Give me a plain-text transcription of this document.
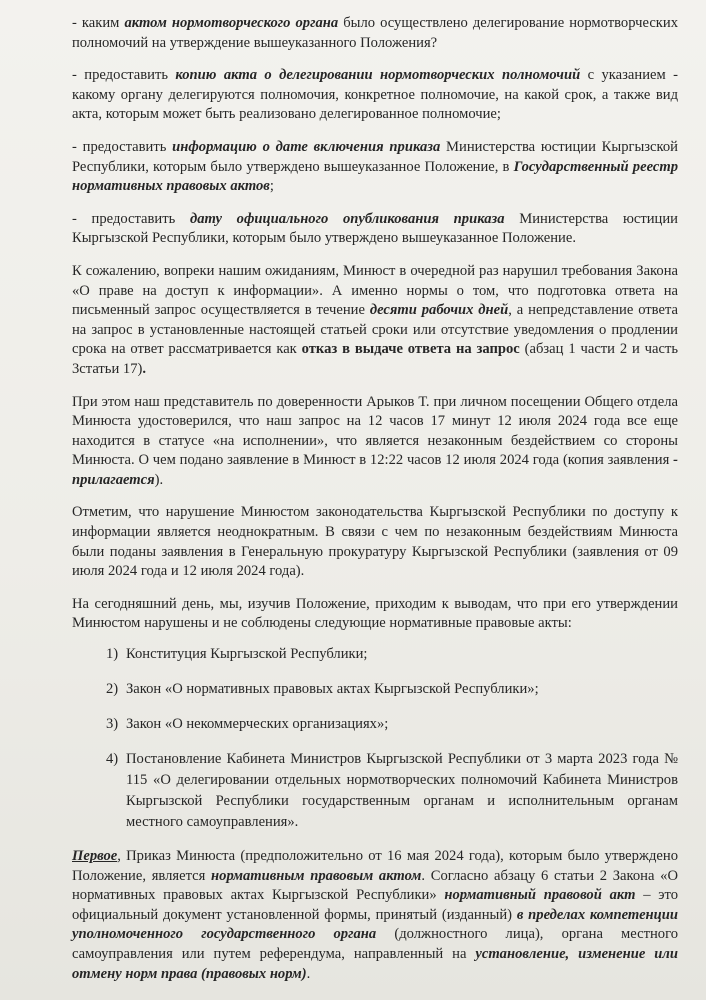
- каким актом нормотворческого органа было осуществлено делегирование нормотворческих полномочий на утверждение вышеуказанного Положения?

- предоставить копию акта о делегировании нормотворческих полномочий с указанием - какому органу делегируются полномочия, конкретное полномочие, на какой срок, а также вид акта, которым может быть реализовано делегированное полномочие;

- предоставить информацию о дате включения приказа Министерства юстиции Кыргызской Республики, которым было утверждено вышеуказанное Положение, в Государственный реестр нормативных правовых актов;

- предоставить дату официального опубликования приказа Министерства юстиции Кыргызской Республики, которым было утверждено вышеуказанное Положение.

К сожалению, вопреки нашим ожиданиям, Минюст в очередной раз нарушил требования Закона «О праве на доступ к информации». А именно нормы о том, что подготовка ответа на письменный запрос осуществляется в течение десяти рабочих дней, а непредставление ответа на запрос в установленные настоящей статьей сроки или отсутствие уведомления о продлении срока на ответ рассматривается как отказ в выдаче ответа на запрос (абзац 1 части 2 и часть 3статьи 17).

При этом наш представитель по доверенности Арыков Т. при личном посещении Общего отдела Минюста удостоверился, что наш запрос на 12 часов 17 минут 12 июля 2024 года все еще находится в статусе «на исполнении», что является незаконным бездействием со стороны Минюста. О чем подано заявление в Минюст в 12:22 часов 12 июля 2024 года (копия заявления - прилагается).

Отметим, что нарушение Минюстом законодательства Кыргызской Республики по доступу к информации является неоднократным. В связи с чем по незаконным бездействиям Минюста были поданы заявления в Генеральную прокуратуру Кыргызской Республики (заявления от 09 июля 2024 года и 12 июля 2024 года).

На сегодняшний день, мы, изучив Положение, приходим к выводам, что при его утверждении Минюстом нарушены и не соблюдены следующие нормативные правовые акты:

1) Конституция Кыргызской Республики;
2) Закон «О нормативных правовых актах Кыргызской Республики»;
3) Закон «О некоммерческих организациях»;
4) Постановление Кабинета Министров Кыргызской Республики от 3 марта 2023 года № 115 «О делегировании отдельных нормотворческих полномочий Кабинета Министров Кыргызской Республики государственным органам и исполнительным органам местного самоуправления».

Первое, Приказ Минюста (предположительно от 16 мая 2024 года), которым было утверждено Положение, является нормативным правовым актом. Согласно абзацу 6 статьи 2 Закона «О нормативных правовых актах Кыргызской Республики» нормативный правовой акт – это официальный документ установленной формы, принятый (изданный) в пределах компетенции уполномоченного государственного органа (должностного лица), органа местного самоуправления или путем референдума, направленный на установление, изменение или отмену норм права (правовых норм).
